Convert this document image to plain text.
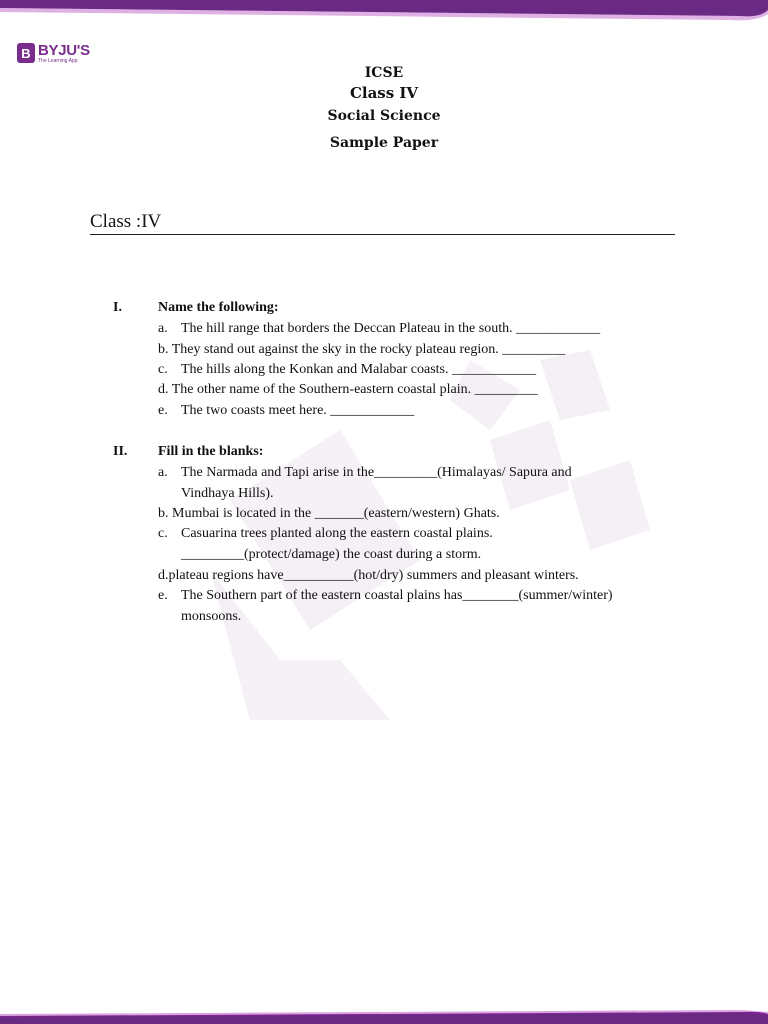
B BYJU'S
The Learning App
ICSE
Class IV
Social Science
Sample Paper
Class :IV
I.	Name the following:
a. The hill range that borders the Deccan Plateau in the south. ____________
b. They stand out against the sky in the rocky plateau region. _________
c. The hills along the Konkan and Malabar coasts. ____________
d. The other name of the Southern-eastern coastal plain. _________
e. The two coasts meet here. ____________
II. Fill in the blanks:
a. The Narmada and Tapi arise in the_________(Himalayas/ Sapura and
Vindhaya Hills).
b. Mumbai is located in the _______(eastern/western) Ghats.
c. Casuarina trees planted along the eastern coastal plains.
_________(protect/damage) the coast during a storm.
d.plateau regions have__________(hot/dry) summers and pleasant winters.
e. The Southern part of the eastern coastal plains has________(summer/winter)
monsoons.
